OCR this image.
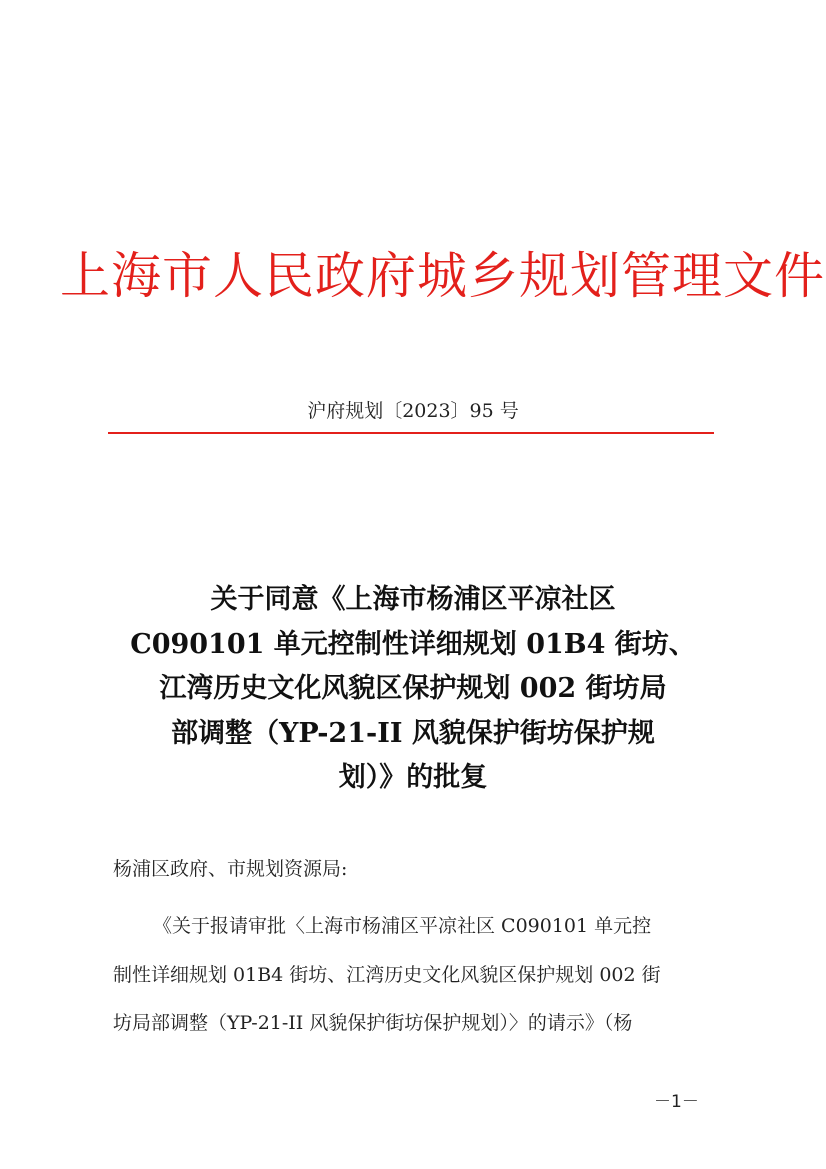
上海市人民政府城乡规划管理文件
沪府规划〔2023〕95 号
关于同意《上海市杨浦区平凉社区
C090101 单元控制性详细规划 01B4 街坊、
江湾历史文化风貌区保护规划 002 街坊局
部调整（YP-21-II 风貌保护街坊保护规
划）》的批复
杨浦区政府、市规划资源局:
《关于报请审批〈上海市杨浦区平凉社区 C090101 单元控
制性详细规划 01B4 街坊、江湾历史文化风貌区保护规划 002 街
坊局部调整（YP-21-II 风貌保护街坊保护规划）〉的请示》（杨
－1－
